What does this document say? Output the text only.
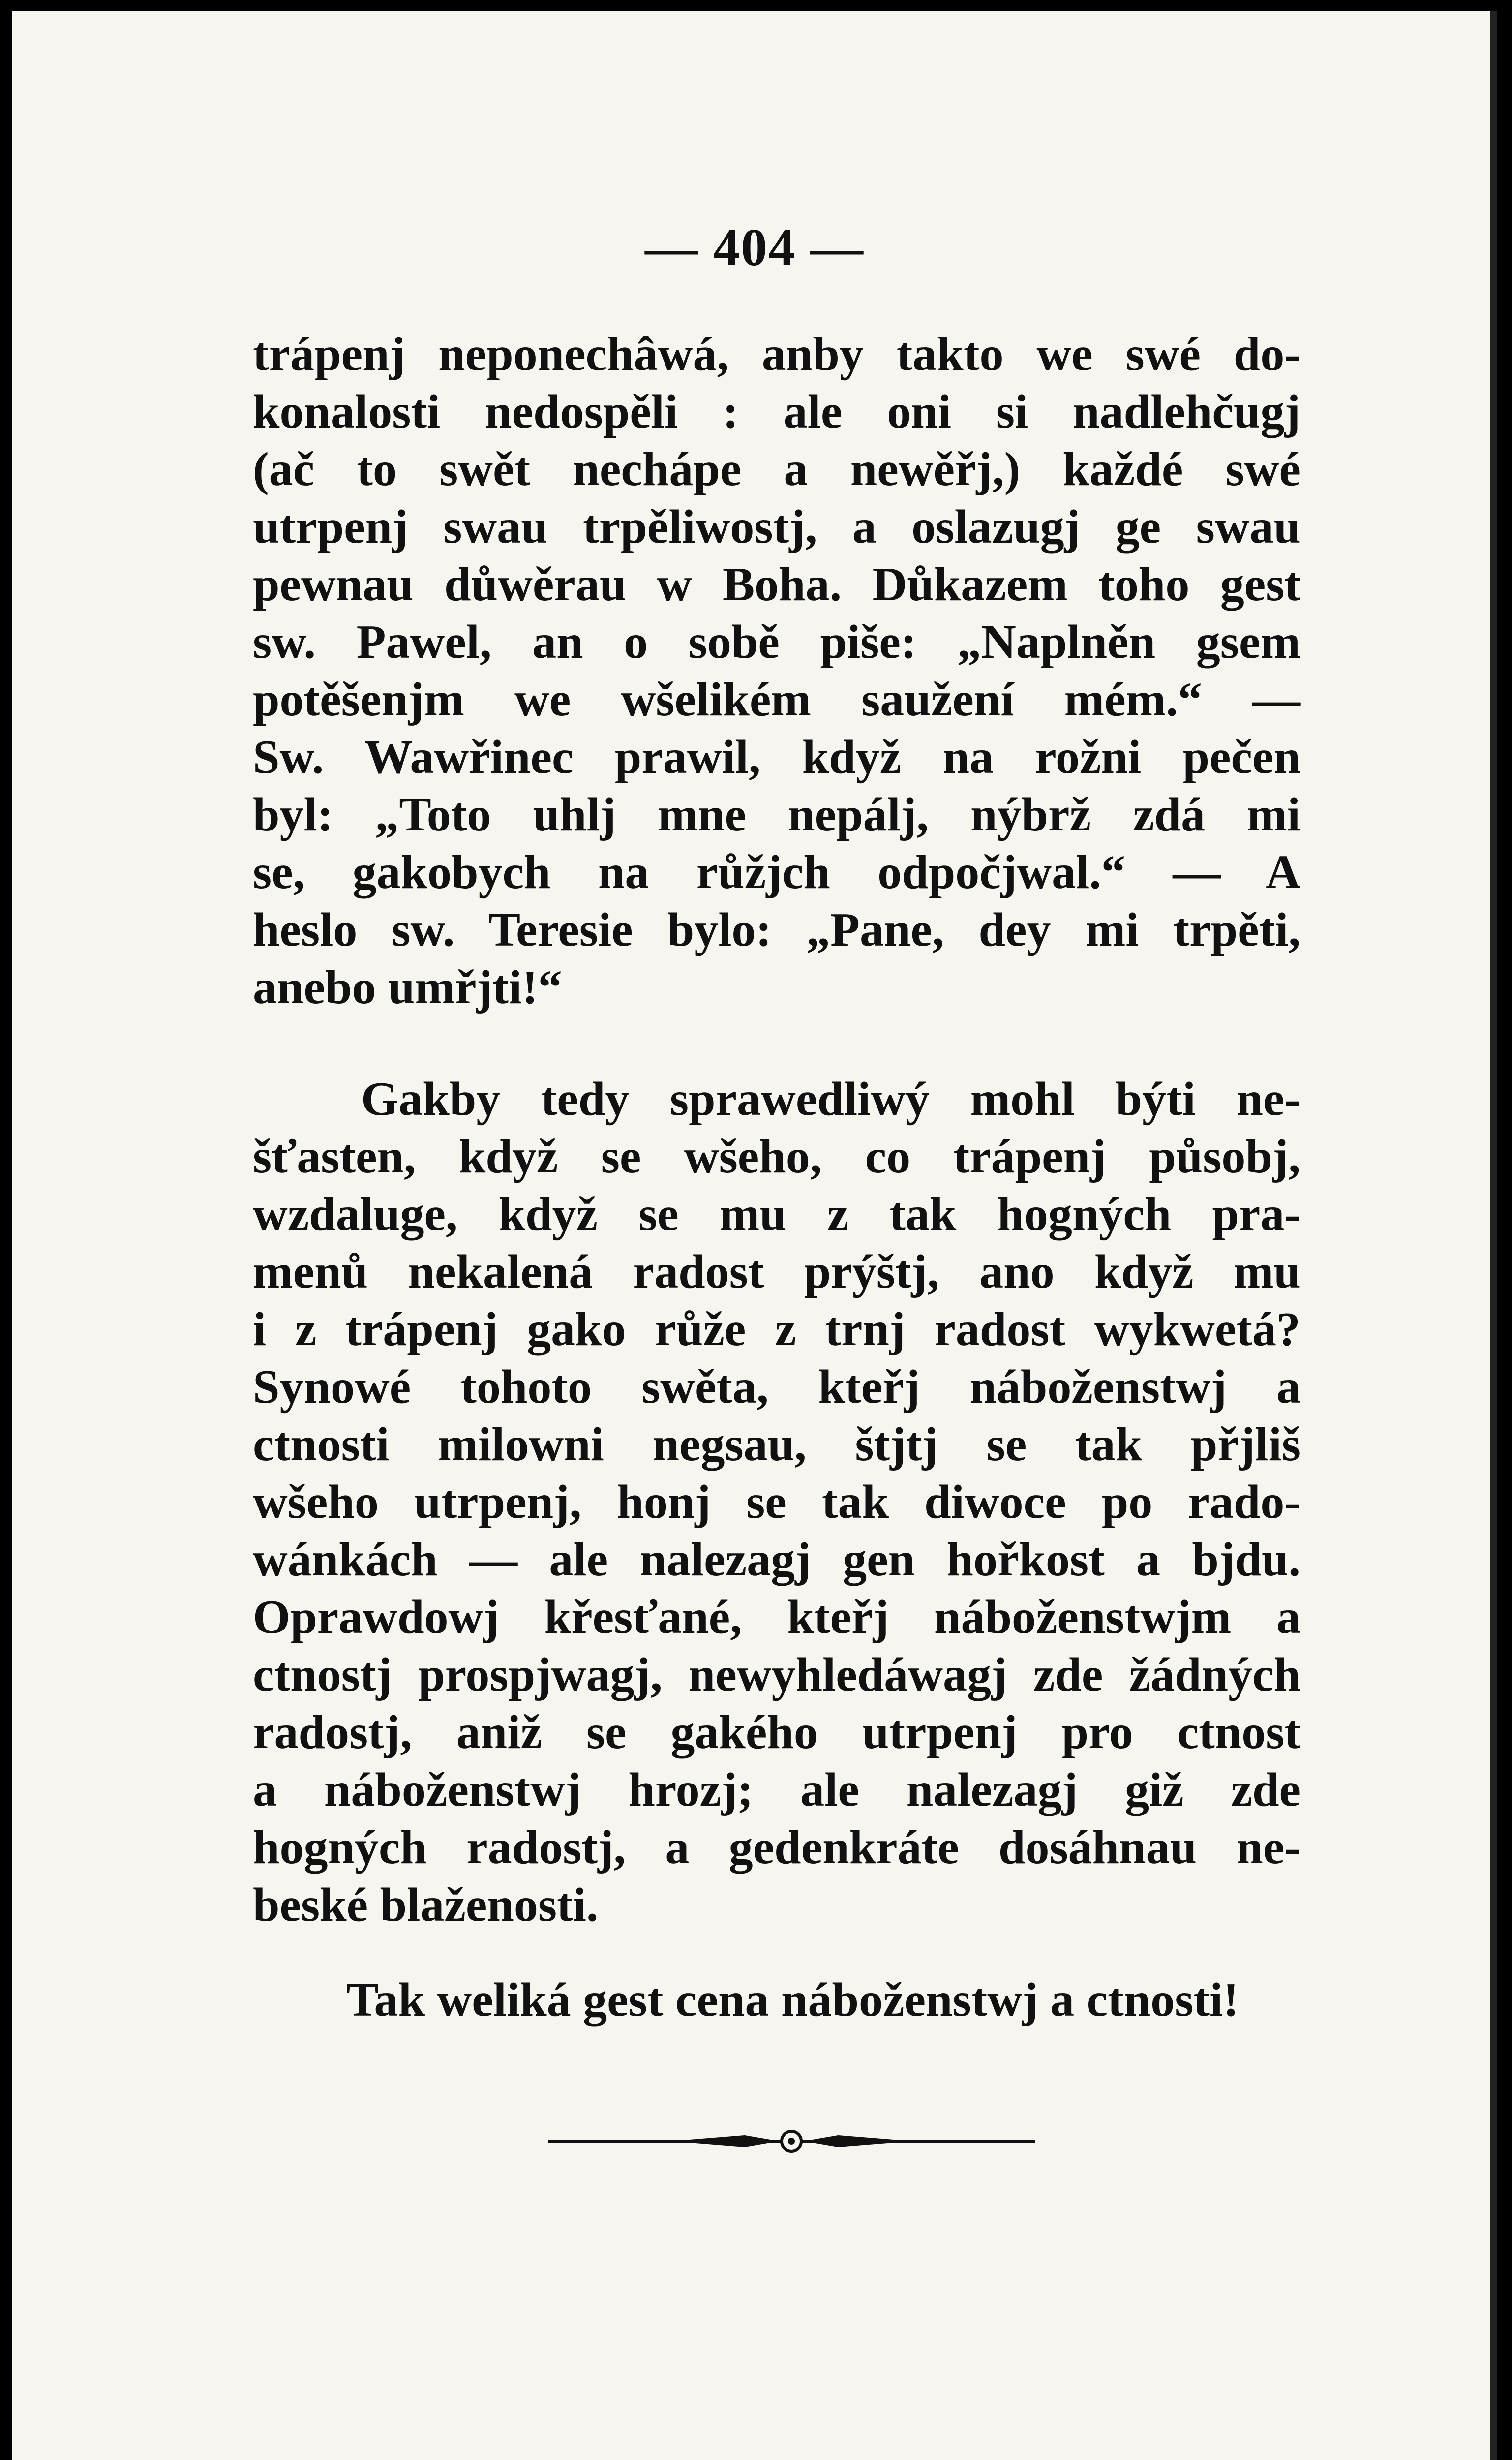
— 404 —
trápenj neponechâwá, anby takto we swé do-
konalosti nedospěli : ale oni si nadlehčugj
(ač to swět nechápe a newěřj,) každé swé
utrpenj swau trpěliwostj, a oslazugj ge swau
pewnau důwěrau w Boha. Důkazem toho gest
sw. Pawel, an o sobě piše: „Naplněn gsem
potěšenjm we wšelikém saužení mém.“ —
Sw. Wawřinec prawil, když na rožni pečen
byl: „Toto uhlj mne nepálj, nýbrž zdá mi
se, gakobych na růžjch odpočjwal.“ — A
heslo sw. Teresie bylo: „Pane, dey mi trpěti,
anebo umřjti!“
Gakby tedy sprawedliwý mohl býti ne-
šťasten, když se wšeho, co trápenj působj,
wzdaluge, když se mu z tak hogných pra-
menů nekalená radost prýštj, ano když mu
i z trápenj gako růže z trnj radost wykwetá?
Synowé tohoto swěta, kteřj náboženstwj a
ctnosti milowni negsau, štjtj se tak přjliš
wšeho utrpenj, honj se tak diwoce po rado-
wánkách — ale nalezagj gen hořkost a bjdu.
Oprawdowj křesťané, kteřj náboženstwjm a
ctnostj prospjwagj, newyhledáwagj zde žádných
radostj, aniž se gakého utrpenj pro ctnost
a náboženstwj hrozj; ale nalezagj giž zde
hogných radostj, a gedenkráte dosáhnau ne-
beské blaženosti.
Tak weliká gest cena náboženstwj a ctnosti!
